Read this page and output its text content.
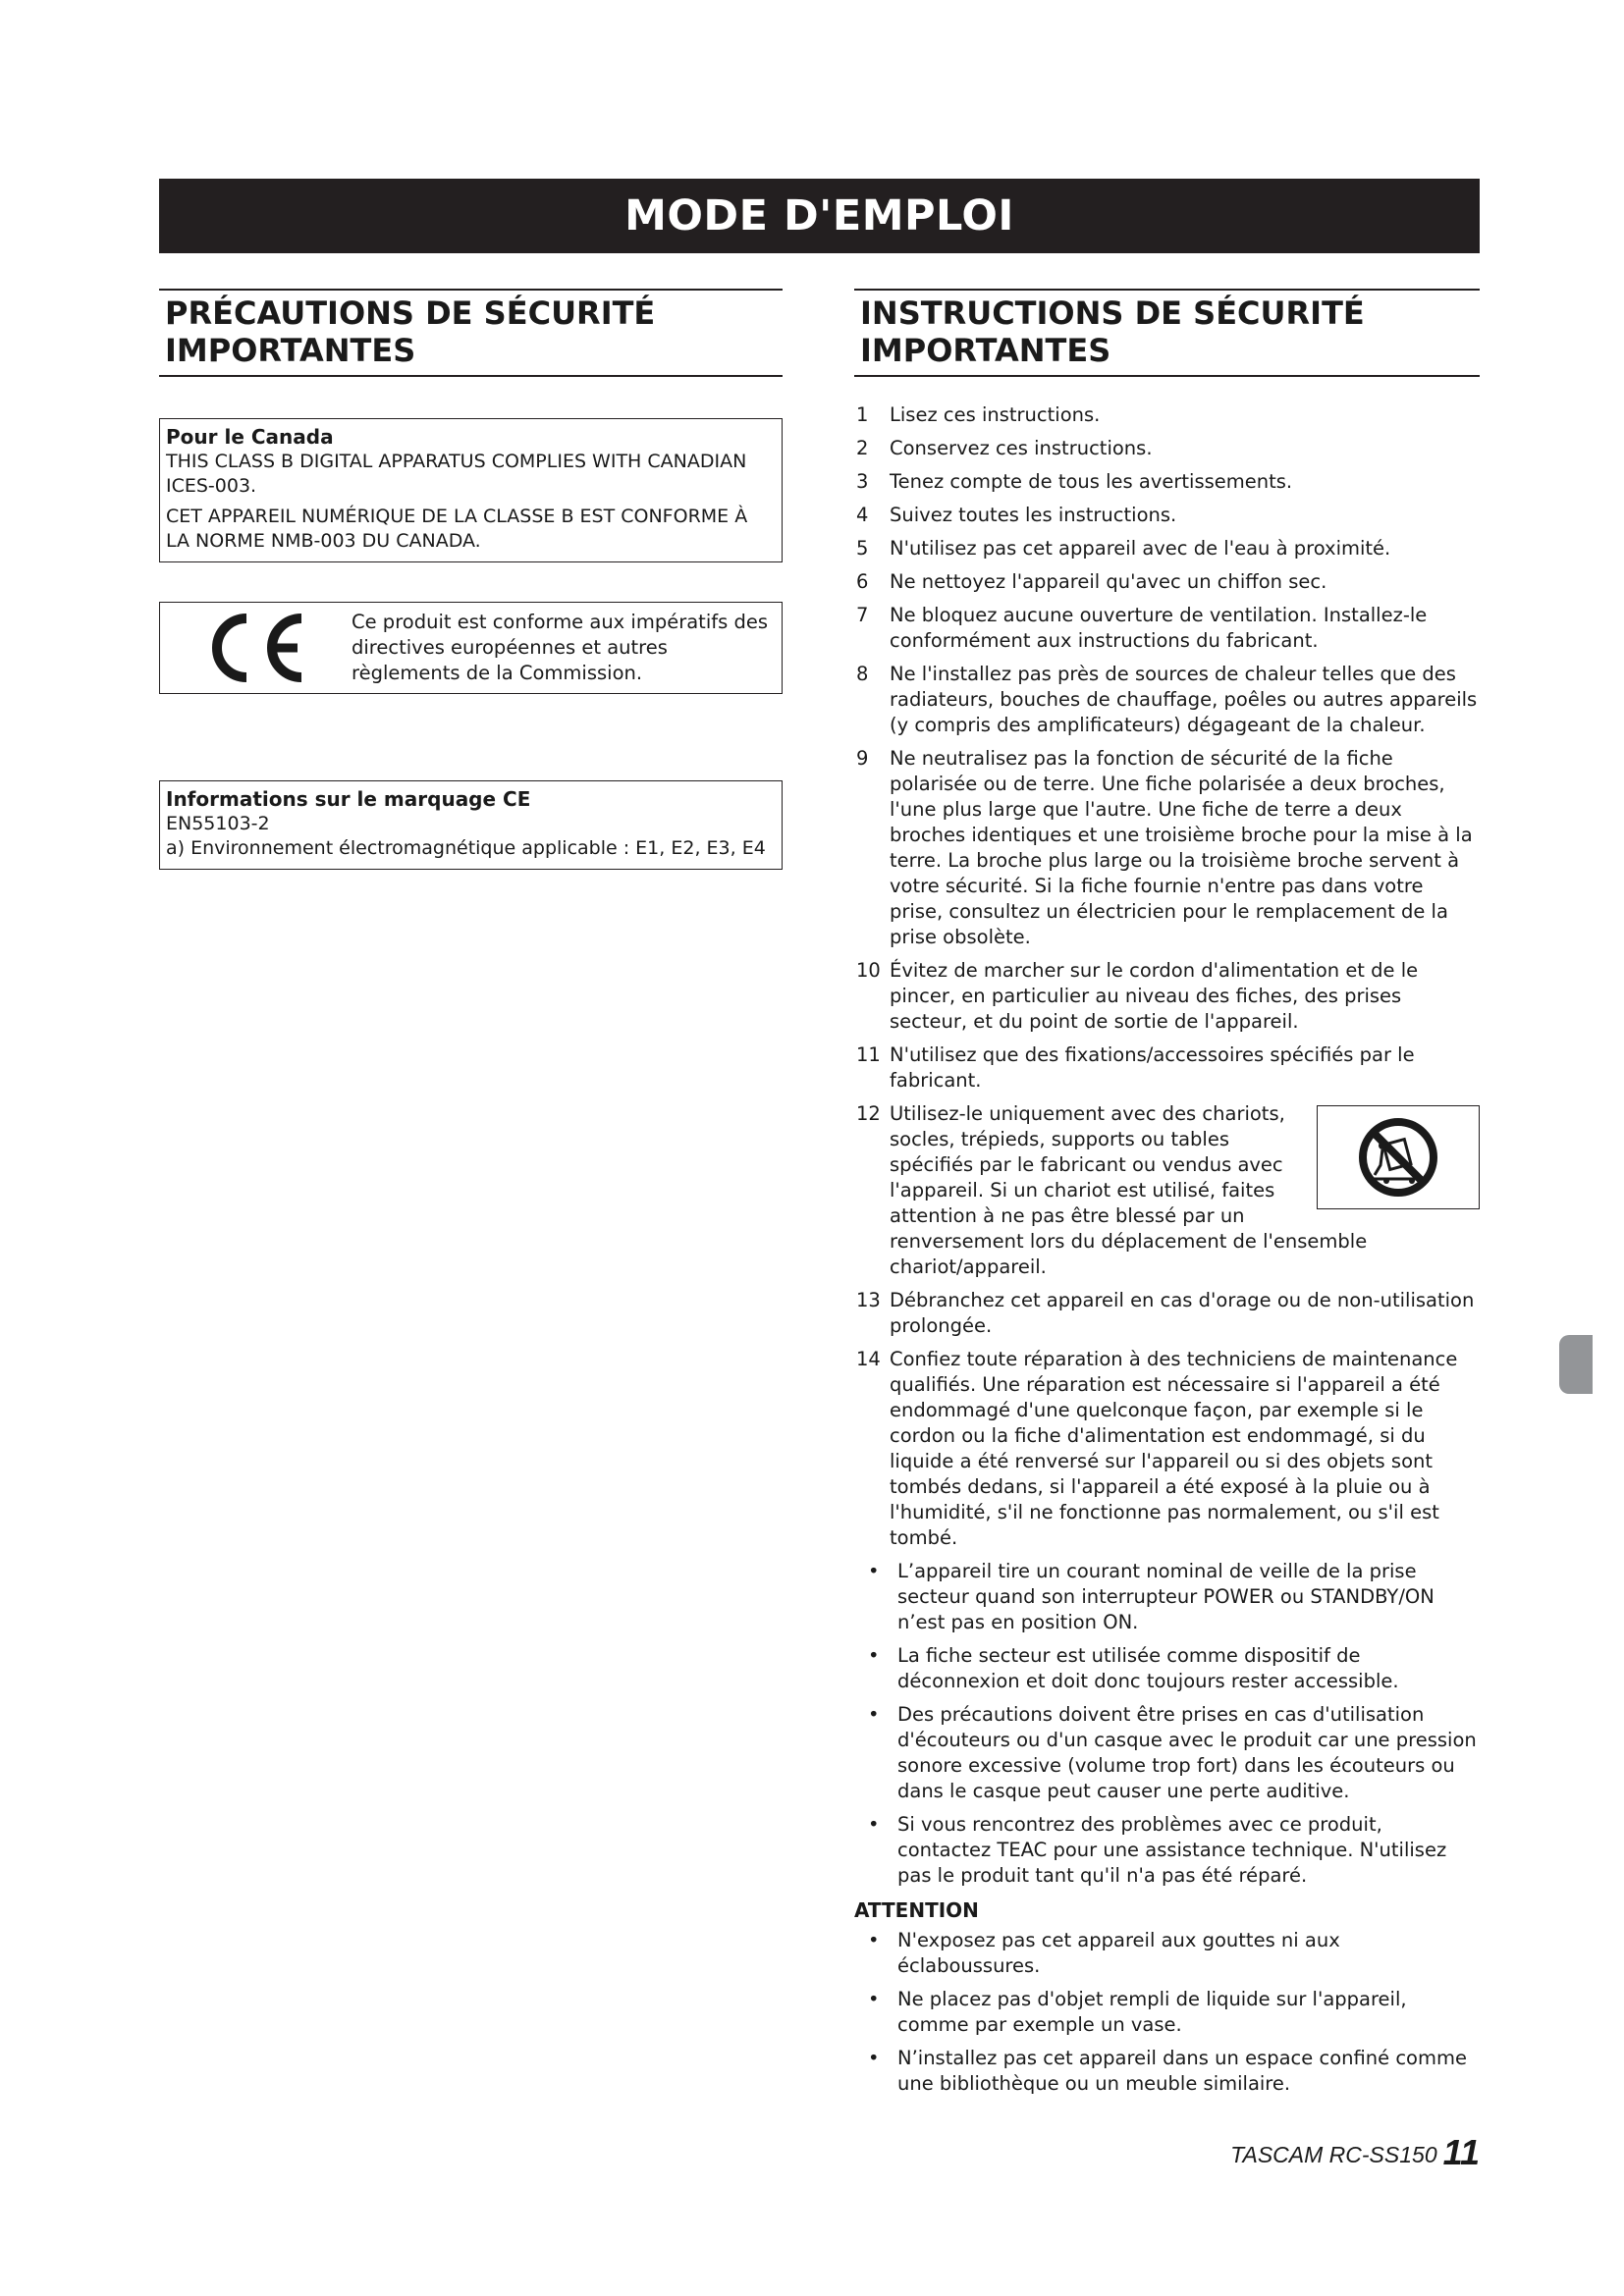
MODE D'EMPLOI
PRÉCAUTIONS DE SÉCURITÉ
IMPORTANTES

Pour le Canada

THIS CLASS B DIGITAL APPARATUS COMPLIES WITH CANADIAN ICES-003.

CET APPAREIL NUMÉRIQUE DE LA CLASSE B EST CONFORME À LA NORME NMB-003 DU CANADA.

Ce produit est conforme aux impératifs des directives européennes et autres règlements de la Commission.

Informations sur le marquage CE

EN55103-2

a) Environnement électromagnétique applicable : E1, E2, E3, E4

INSTRUCTIONS DE SÉCURITÉ
IMPORTANTES
1 Lisez ces instructions.
2 Conservez ces instructions.
3 Tenez compte de tous les avertissements.
4 Suivez toutes les instructions.
5 N'utilisez pas cet appareil avec de l'eau à proximité.
6 Ne nettoyez l'appareil qu'avec un chiffon sec.
7 Ne bloquez aucune ouverture de ventilation. Installez-le conformément aux instructions du fabricant.
8 Ne l'installez pas près de sources de chaleur telles que des radiateurs, bouches de chauffage, poêles ou autres appareils (y compris des amplificateurs) dégageant de la chaleur.
9 Ne neutralisez pas la fonction de sécurité de la fiche polarisée ou de terre. Une fiche polarisée a deux broches, l'une plus large que l'autre. Une fiche de terre a deux broches identiques et une troisième broche pour la mise à la terre. La broche plus large ou la troisième broche servent à votre sécurité. Si la fiche fournie n'entre pas dans votre prise, consultez un électricien pour le remplacement de la prise obsolète.
10 Évitez de marcher sur le cordon d'alimentation et de le pincer, en particulier au niveau des fiches, des prises secteur, et du point de sortie de l'appareil.
11 N'utilisez que des fixations/accessoires spécifiés par le fabricant.
12 Utilisez-le uniquement avec des chariots, socles, trépieds, supports ou tables spécifiés par le fabricant ou vendus avec l'appareil. Si un chariot est utilisé, faites attention à ne pas être blessé par un renversement lors du déplacement de l'ensemble chariot/appareil.
13 Débranchez cet appareil en cas d'orage ou de non-utilisation prolongée.
14 Confiez toute réparation à des techniciens de maintenance qualifiés. Une réparation est nécessaire si l'appareil a été endommagé d'une quelconque façon, par exemple si le cordon ou la fiche d'alimentation est endommagé, si du liquide a été renversé sur l'appareil ou si des objets sont tombés dedans, si l'appareil a été exposé à la pluie ou à l'humidité, s'il ne fonctionne pas normalement, ou s'il est tombé.
• L’appareil tire un courant nominal de veille de la prise secteur quand son interrupteur POWER ou STANDBY/ON n’est pas en position ON.
• La fiche secteur est utilisée comme dispositif de déconnexion et doit donc toujours rester accessible.
• Des précautions doivent être prises en cas d'utilisation d'écouteurs ou d'un casque avec le produit car une pression sonore excessive (volume trop fort) dans les écouteurs ou dans le casque peut causer une perte auditive.
• Si vous rencontrez des problèmes avec ce produit, contactez TEAC pour une assistance technique. N'utilisez pas le produit tant qu'il n'a pas été réparé.
ATTENTION
• N'exposez pas cet appareil aux gouttes ni aux éclaboussures.
• Ne placez pas d'objet rempli de liquide sur l'appareil, comme par exemple un vase.
• N’installez pas cet appareil dans un espace confiné comme une bibliothèque ou un meuble similaire.
TASCAM RC-SS150 11
